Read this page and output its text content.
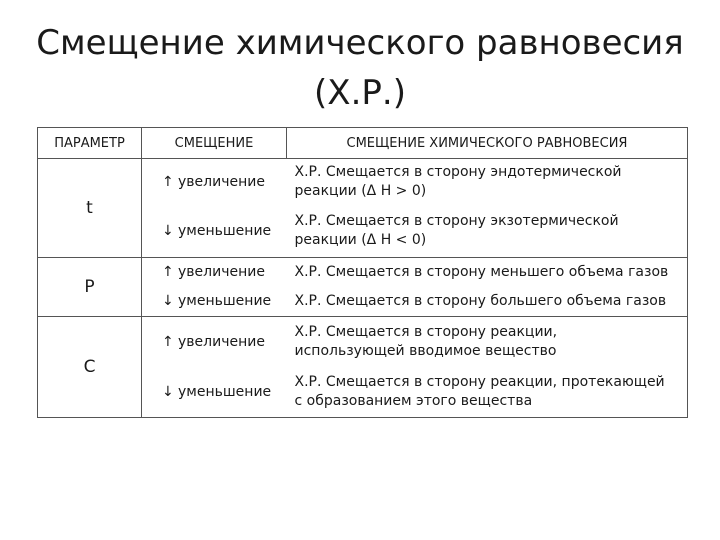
Смещение химического равновесия
(Х.Р.)
ПАРАМЕТР	СМЕЩЕНИЕ	СМЕЩЕНИЕ ХИМИЧЕСКОГО РАВНОВЕСИЯ
t	↑ увеличение	Х.Р. Смещается в сторону эндотермической
реакции (Δ Н > 0)
	↓ уменьшение	Х.Р. Смещается в сторону экзотермической
реакции (Δ Н < 0)
P	↑ увеличение	Х.Р. Смещается в сторону меньшего объема газов
	↓ уменьшение	Х.Р. Смещается в сторону большего объема газов
C	↑ увеличение	Х.Р. Смещается в сторону реакции,
использующей вводимое вещество
	↓ уменьшение	Х.Р. Смещается в сторону реакции, протекающей
с образованием этого вещества
